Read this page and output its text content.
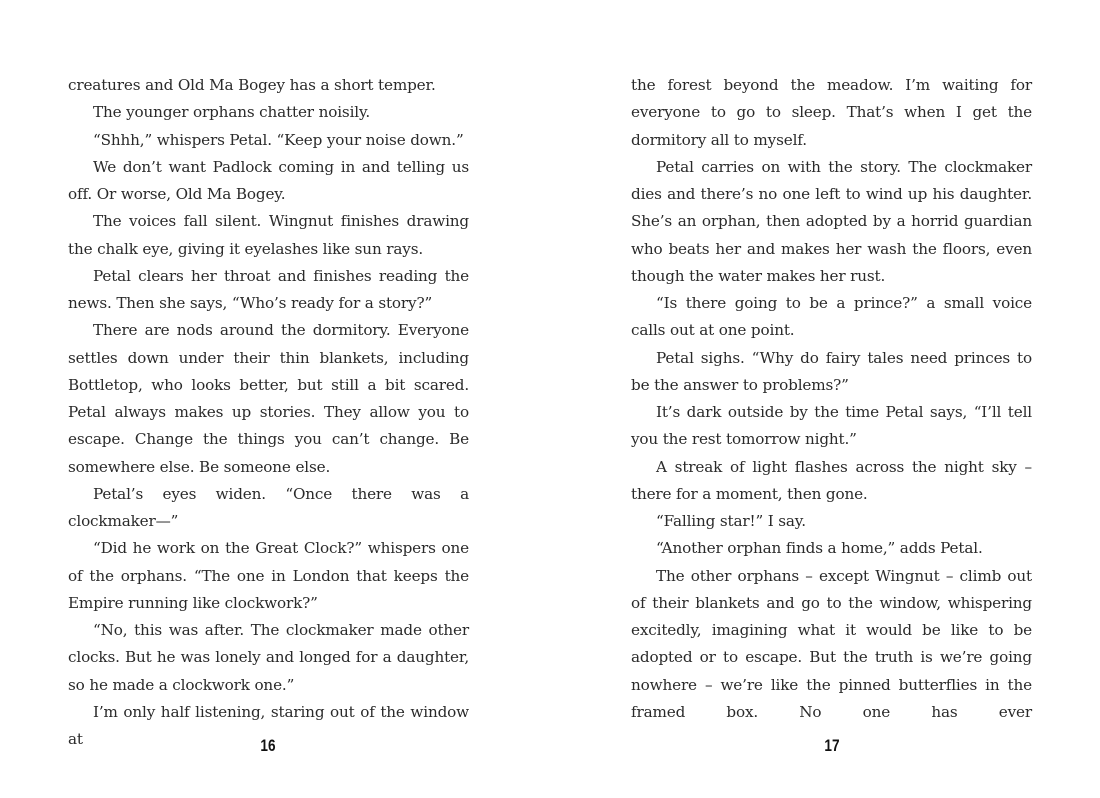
creatures and Old Ma Bogey has a short temper.

The younger orphans chatter noisily.

“Shhh,” whispers Petal. “Keep your noise down.”

We don’t want Padlock coming in and telling us off. Or worse, Old Ma Bogey.

The voices fall silent. Wingnut finishes drawing the chalk eye, giving it eyelashes like sun rays.

Petal clears her throat and finishes reading the news. Then she says, “Who’s ready for a story?”

There are nods around the dormitory. Everyone settles down under their thin blankets, including Bottletop, who looks better, but still a bit scared. Petal always makes up stories. They allow you to escape. Change the things you can’t change. Be somewhere else. Be someone else.

Petal’s eyes widen. “Once there was a clockmaker—”

“Did he work on the Great Clock?” whispers one of the orphans. “The one in London that keeps the Empire running like clockwork?”

“No, this was after. The clockmaker made other clocks. But he was lonely and longed for a daughter, so he made a clockwork one.”

I’m only half listening, staring out of the window at	16

the forest beyond the meadow. I’m waiting for everyone to go to sleep. That’s when I get the dormitory all to myself.

Petal carries on with the story. The clockmaker dies and there’s no one left to wind up his daughter. She’s an orphan, then adopted by a horrid guardian who beats her and makes her wash the floors, even though the water makes her rust.

“Is there going to be a prince?” a small voice calls out at one point.

Petal sighs. “Why do fairy tales need princes to be the answer to problems?”

It’s dark outside by the time Petal says, “I’ll tell you the rest tomorrow night.”

A streak of light flashes across the night sky – there for a moment, then gone.

“Falling star!” I say.

“Another orphan finds a home,” adds Petal.

The other orphans – except Wingnut – climb out of their blankets and go to the window, whispering excitedly, imagining what it would be like to be adopted or to escape. But the truth is we’re going nowhere – we’re like the pinned butterflies in the framed box. No one has ever

17
